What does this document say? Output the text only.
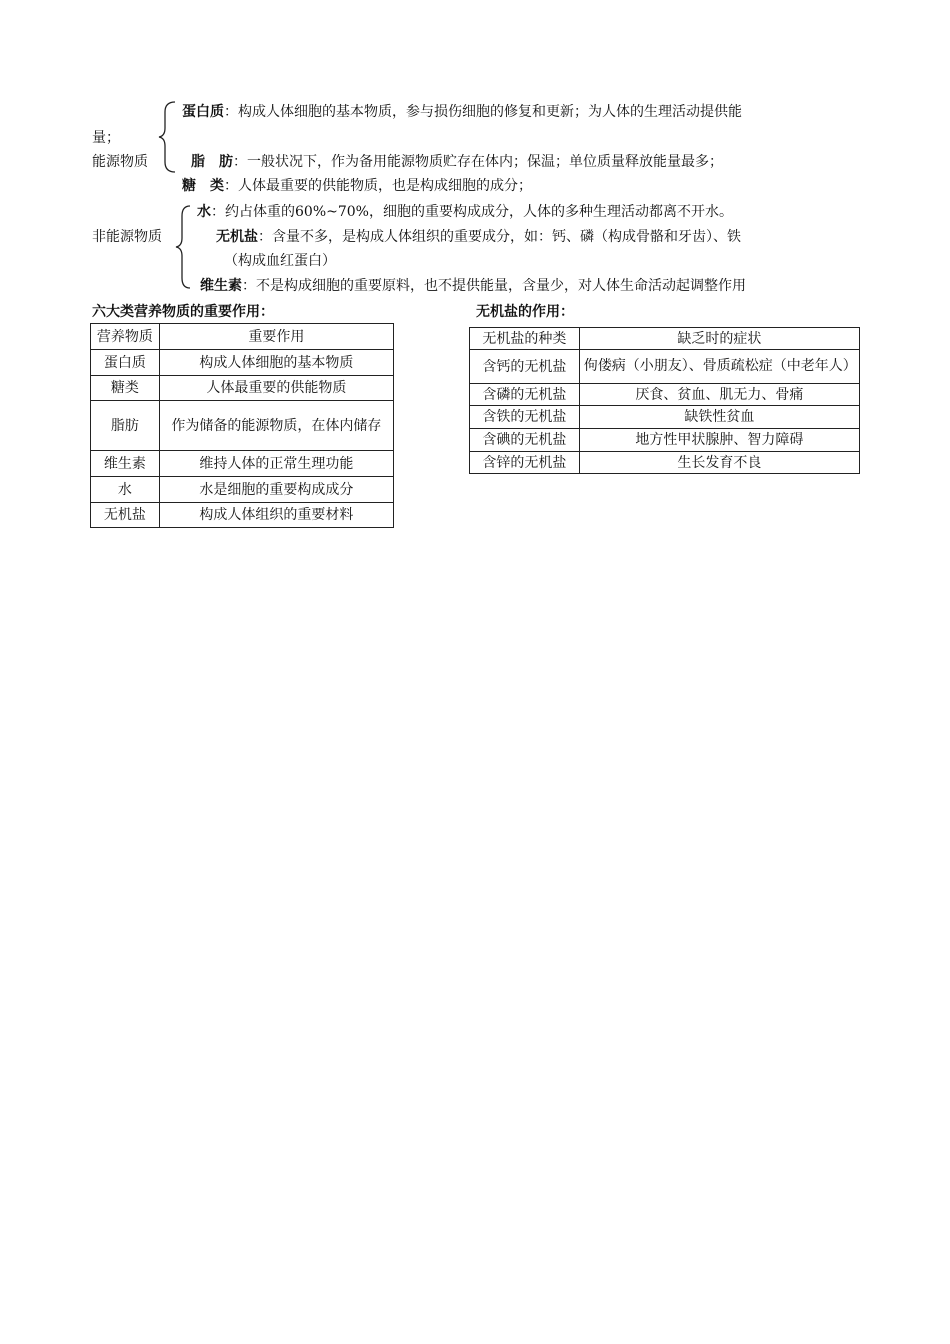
蛋白质：构成人体细胞的基本物质，参与损伤细胞的修复和更新；为人体的生理活动提供能
量；
能源物质	脂　肪：一般状况下，作为备用能源物质贮存在体内；保温；单位质量释放能量最多；
糖　类：人体最重要的供能物质，也是构成细胞的成分；
水：约占体重的60%~70%，细胞的重要构成成分，人体的多种生理活动都离不开水。
非能源物质	无机盐：含量不多，是构成人体组织的重要成分，如：钙、磷（构成骨骼和牙齿）、铁
（构成血红蛋白）
维生素：不是构成细胞的重要原料，也不提供能量，含量少，对人体生命活动起调整作用
六大类营养物质的重要作用：
营养物质	重要作用
蛋白质	构成人体细胞的基本物质
糖类	人体最重要的供能物质
脂肪	作为储备的能源物质，在体内储存
维生素	维持人体的正常生理功能
水	水是细胞的重要构成成分
无机盐	构成人体组织的重要材料
无机盐的作用：
无机盐的种类	缺乏时的症状
含钙的无机盐	佝偻病（小朋友）、骨质疏松症（中老年人）
含磷的无机盐	厌食、贫血、肌无力、骨痛
含铁的无机盐	缺铁性贫血
含碘的无机盐	地方性甲状腺肿、智力障碍
含锌的无机盐	生长发育不良
